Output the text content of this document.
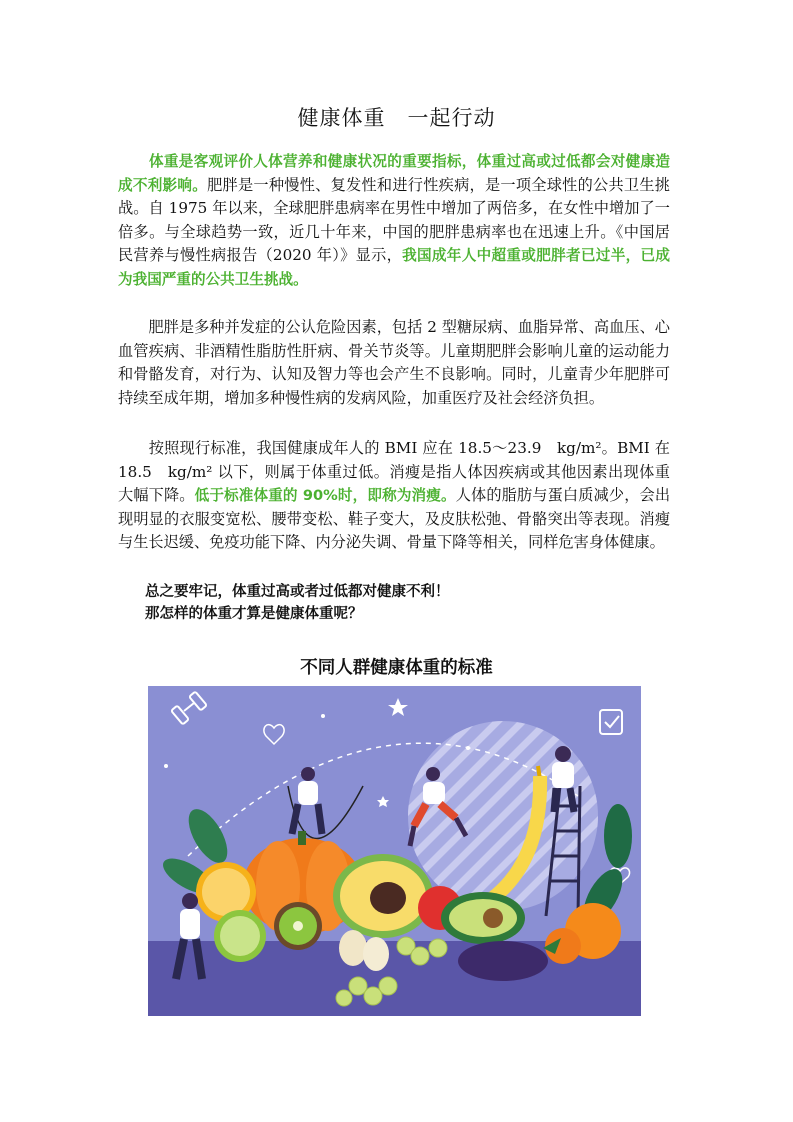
健康体重　一起行动

　　体重是客观评价人体营养和健康状况的重要指标，体重过高或过低都会对健康造成不利影响。肥胖是一种慢性、复发性和进行性疾病，是一项全球性的公共卫生挑战。自 1975 年以来，全球肥胖患病率在男性中增加了两倍多，在女性中增加了一倍多。与全球趋势一致，近几十年来，中国的肥胖患病率也在迅速上升。《中国居民营养与慢性病报告（2020 年）》显示，我国成年人中超重或肥胖者已过半，已成为我国严重的公共卫生挑战。

　　肥胖是多种并发症的公认危险因素，包括 2 型糖尿病、血脂异常、高血压、心血管疾病、非酒精性脂肪性肝病、骨关节炎等。儿童期肥胖会影响儿童的运动能力和骨骼发育，对行为、认知及智力等也会产生不良影响。同时，儿童青少年肥胖可持续至成年期，增加多种慢性病的发病风险，加重医疗及社会经济负担。

　　按照现行标准，我国健康成年人的 BMI 应在 18.5～23.9　kg/m²。BMI 在 18.5　kg/m² 以下，则属于体重过低。消瘦是指人体因疾病或其他因素出现体重大幅下降。低于标准体重的 90%时，即称为消瘦。人体的脂肪与蛋白质减少，会出现明显的衣服变宽松、腰带变松、鞋子变大，及皮肤松弛、骨骼突出等表现。消瘦与生长迟缓、免疫功能下降、内分泌失调、骨量下降等相关，同样危害身体健康。

总之要牢记，体重过高或者过低都对健康不利！
那怎样的体重才算是健康体重呢？
不同人群健康体重的标准
